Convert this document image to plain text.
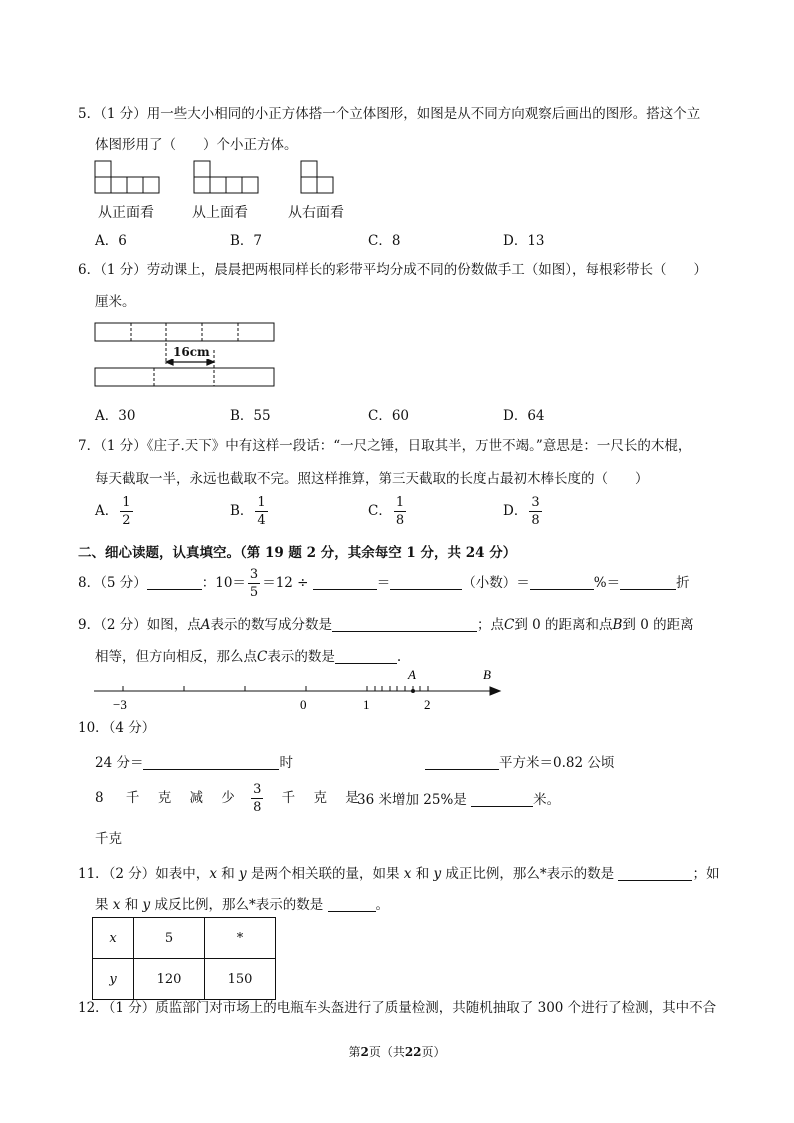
5．（1 分）用一些大小相同的小正方体搭一个立体图形，如图是从不同方向观察后画出的图形。搭这个立
体图形用了（　　）个小正方体。
从正面看	从上面看	从右面看
A．6	B．7	C．8	D．13
6．（1 分）劳动课上，晨晨把两根同样长的彩带平均分成不同的份数做手工（如图），每根彩带长（　　）
厘米。
16cm
A．30	B．55	C．60	D．64
7．（1 分）《庄子.天下》中有这样一段话：“一尺之锤，日取其半，万世不竭。”意思是：一尺长的木棍，
每天截取一半，永远也截取不完。照这样推算，第三天截取的长度占最初木棒长度的（　　）
A． $\frac{1}{2}$	B． $\frac{1}{4}$	C． $\frac{1}{8}$	D． $\frac{3}{8}$
二、细心读题，认真填空。（第 19 题 2 分，其余每空 1 分，共 24 分）
8．（5 分）	：$10= \frac{3}{5} =12$ ÷	＝	（小数）＝	%＝	折
9．（2 分）如图，点A表示的数写成分数是	；点C到 0 的距离和点B到 0 的距离
相等，但方向相反，那么点C表示的数是	.
−3	0	1	2
A	B
10．（4 分）
24 分＝	时	平方米＝0.82 公顷
8 千 克 减 少 $\frac{3}{8}$ 千 克 是
36 米增加 25%是	米。
千克
11．（2 分）如表中，x 和 y 是两个相关联的量，如果 x 和 y 成正比例，那么*表示的数是	；如
果 x 和 y 成反比例，那么*表示的数是	。
x	5	*
y	120	150
12．（1 分）质监部门对市场上的电瓶车头盔进行了质量检测，共随机抽取了 300 个进行了检测，其中不合
第2页（共22页）
